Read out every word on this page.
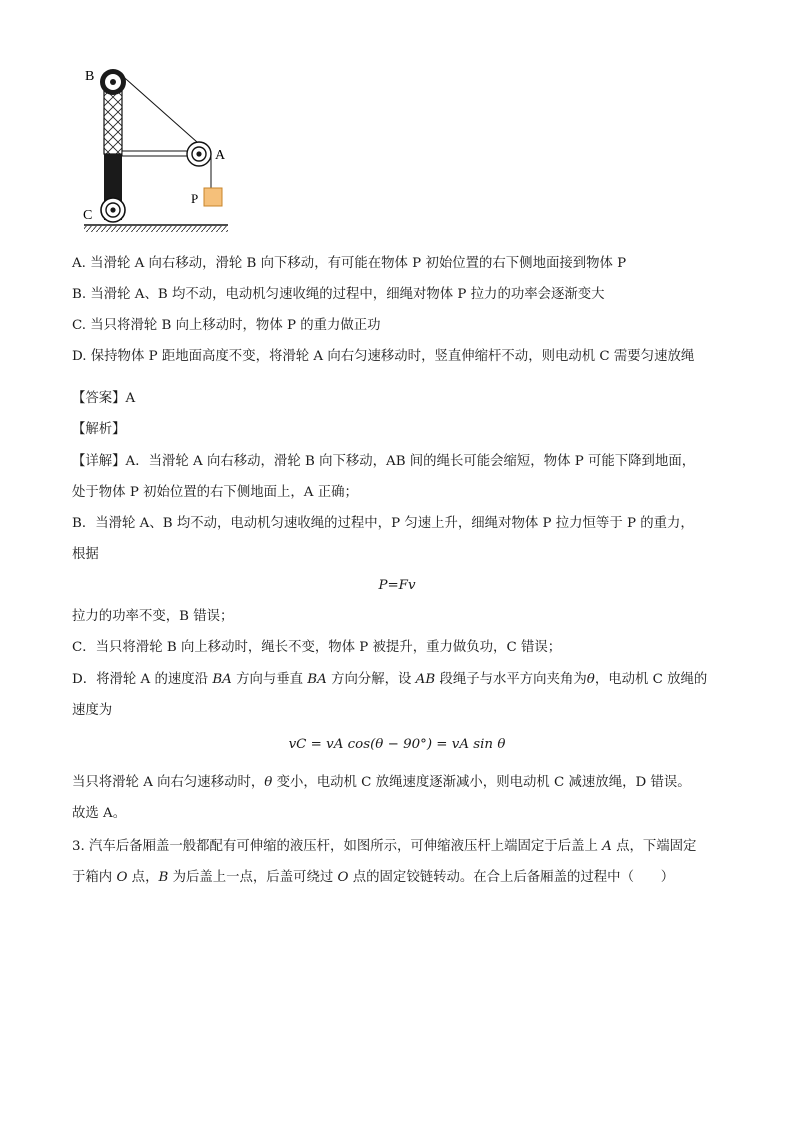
B
A
P
C
A. 当滑轮 A 向右移动，滑轮 B 向下移动，有可能在物体 P 初始位置的右下侧地面接到物体 P
B. 当滑轮 A、B 均不动，电动机匀速收绳的过程中，细绳对物体 P 拉力的功率会逐渐变大
C. 当只将滑轮 B 向上移动时，物体 P 的重力做正功
D. 保持物体 P 距地面高度不变，将滑轮 A 向右匀速移动时，竖直伸缩杆不动，则电动机 C 需要匀速放绳
【答案】A
【解析】
【详解】A．当滑轮 A 向右移动，滑轮 B 向下移动，AB 间的绳长可能会缩短，物体 P 可能下降到地面，
处于物体 P 初始位置的右下侧地面上，A 正确；
B．当滑轮 A、B 均不动，电动机匀速收绳的过程中，P 匀速上升，细绳对物体 P 拉力恒等于 P 的重力，
根据
P=Fv
拉力的功率不变，B 错误；
C．当只将滑轮 B 向上移动时，绳长不变，物体 P 被提升，重力做负功，C 错误；
D．将滑轮 A 的速度沿 BA 方向与垂直 BA 方向分解，设 AB 段绳子与水平方向夹角为θ，电动机 C 放绳的
速度为
vC = vA cos(θ − 90°) = vA sin θ
当只将滑轮 A 向右匀速移动时，θ 变小，电动机 C 放绳速度逐渐减小，则电动机 C 减速放绳，D 错误。
故选 A。
3. 汽车后备厢盖一般都配有可伸缩的液压杆，如图所示，可伸缩液压杆上端固定于后盖上 A 点，下端固定
于箱内 O 点，B 为后盖上一点，后盖可绕过 O 点的固定铰链转动。在合上后备厢盖的过程中（　　）
